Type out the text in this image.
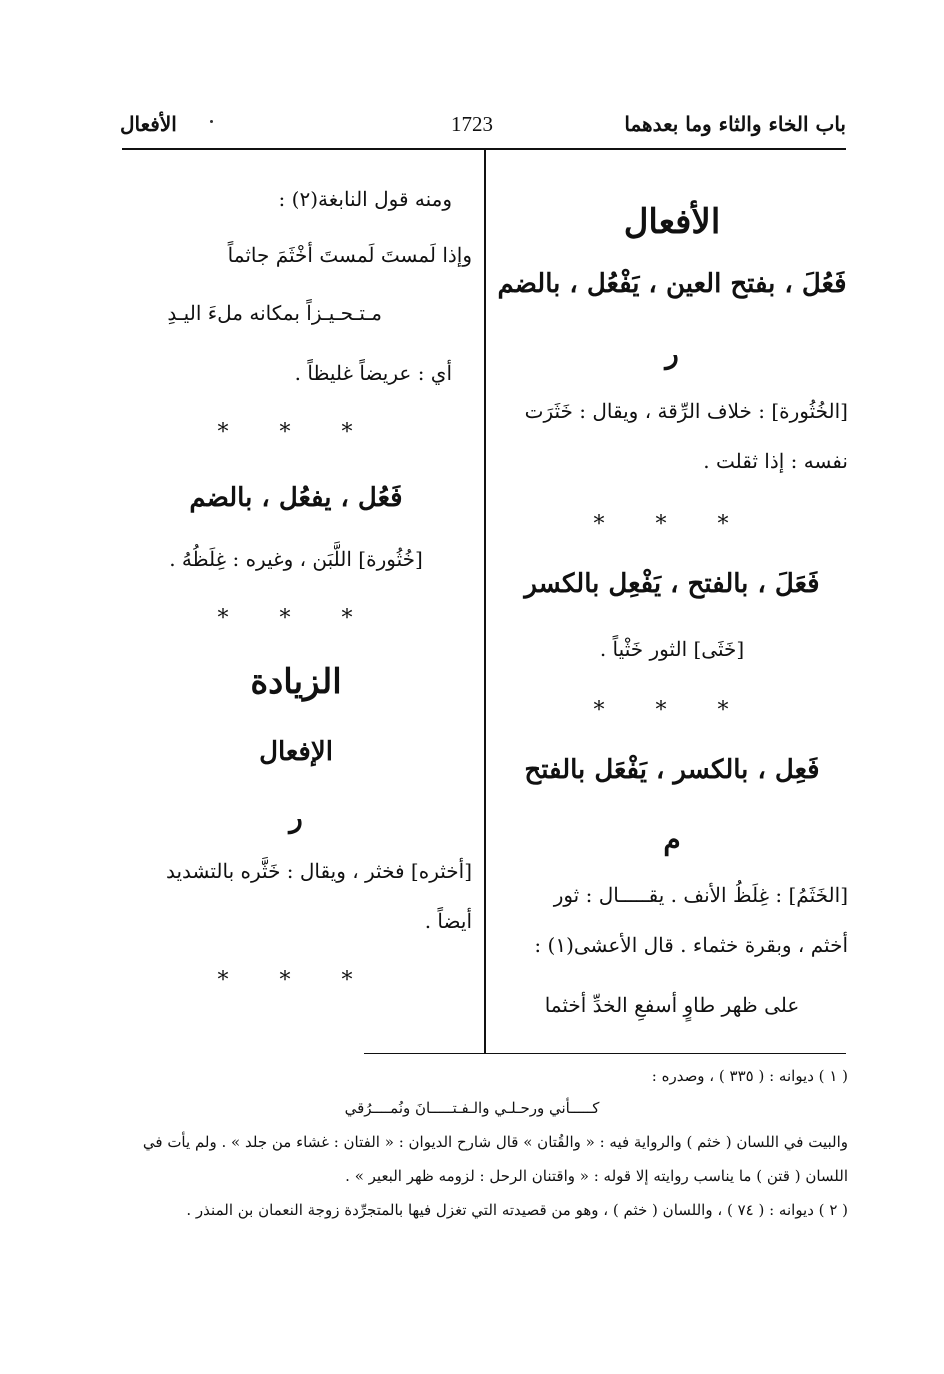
باب الخاء والثاء وما بعدهما
1723
الأفعال
الأفعال
فَعُلَ ، بفتح العين ، يَفْعُل ، بالضم
ر
[الخُثُورة] : خلاف الرِّقة ، ويقال : خَثَرَت
نفسه : إذا ثقلت .
* * *
فَعَلَ ، بالفتح ، يَفْعِل بالكسر
[خَثَى] الثور خَثْياً .
* * *
فَعِل ، بالكسر ، يَفْعَل بالفتح
م
[الخَثَمُ] : غِلَظُ الأنف . يقـــــال : ثور
أخثم ، وبقرة خثماء . قال الأعشى(١) :
على ظهر طاوٍ أسفعِ الخدِّ أخثما
ومنه قول النابغة(٢) :
وإذا لَمستَ لَمستَ أخْثَمَ جاثماً
مـتـحـيـزاً بمكانه ملءَ اليـدِ
أي : عريضاً غليظاً .
* * *
فَعُل ، يفعُل ، بالضم
[خُثُورة] اللَّبَن ، وغيره : غِلَظُهُ .
* * *
الزيادة
الإفعال
ر
[أخثره] فخثر ، ويقال : خَثَّره بالتشديد
أيضاً .
* * *
( ١ ) ديوانه : ( ٣٣٥ ) ، وصدره :
كـــــأني ورحـلـي والـفـتـــــانَ ونُمــــرُقي
والبيت في اللسان ( خثم ) والرواية فيه : « والقُتان » قال شارح الديوان : « الفتان : غشاء من جلد » . ولم يأت في
اللسان ( قتن ) ما يناسب روايته إلا قوله : « واقتنان الرحل : لزومه ظهر البعير » .
( ٢ ) ديوانه : ( ٧٤ ) ، واللسان ( خثم ) ، وهو من قصيدته التي تغزل فيها بالمتجرِّدة زوجة النعمان بن المنذر .
